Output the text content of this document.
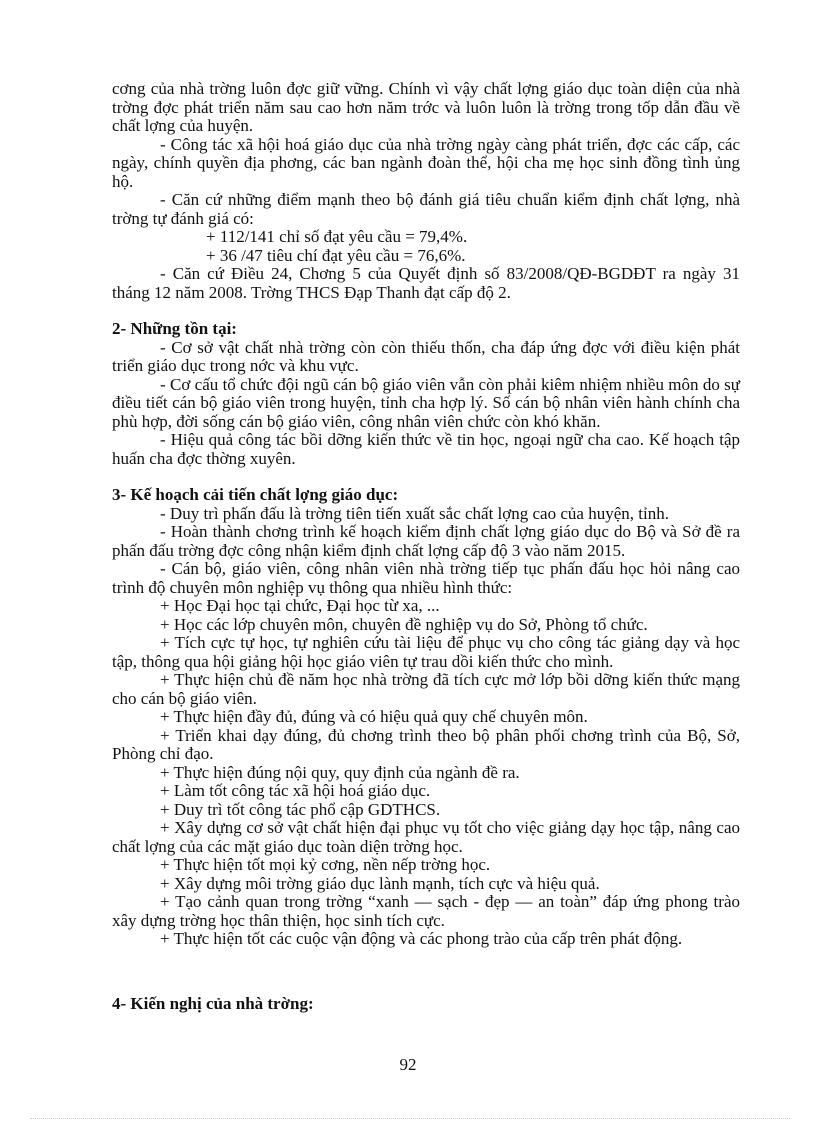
cơng của nhà trờng luôn đợc giữ vững. Chính vì vậy chất lợng giáo dục toàn diện của nhà trờng đợc phát triển năm sau cao hơn năm trớc và luôn luôn là trờng trong tốp dẫn đầu về chất lợng của huyện.

- Công tác xã hội hoá giáo dục của nhà trờng ngày càng phát triển, đợc các cấp, các ngày, chính quyền địa phơng, các ban ngành đoàn thể, hội cha mẹ học sinh đồng tình ủng hộ.

- Căn cứ những điểm mạnh theo bộ đánh giá tiêu chuẩn kiểm định chất lợng, nhà trờng tự đánh giá có:

+ 112/141 chỉ số đạt yêu cầu = 79,4%.

+ 36 /47 tiêu chí đạt yêu cầu = 76,6%.

- Căn cứ Điều 24, Chơng 5 của Quyết định số 83/2008/QĐ-BGDĐT ra ngày 31 tháng 12 năm 2008. Trờng THCS Đạp Thanh đạt cấp độ 2.

2- Những tồn tại:

- Cơ sở vật chất nhà trờng còn còn thiếu thốn, cha đáp ứng đợc với điều kiện phát triển giáo dục trong nớc và khu vực.

- Cơ cấu tổ chức đội ngũ cán bộ giáo viên vẫn còn phải kiêm nhiệm nhiều môn do sự điều tiết cán bộ giáo viên trong huyện, tỉnh cha hợp lý. Số cán bộ nhân viên hành chính cha phù hợp, đời sống cán bộ giáo viên, công nhân viên chức còn khó khăn.

- Hiệu quả công tác bồi dỡng kiến thức về tin học, ngoại ngữ cha cao. Kế hoạch tập huấn cha đợc thờng xuyên.

3- Kế hoạch cải tiến chất lợng giáo dục:

- Duy trì phấn đấu là trờng tiên tiến xuất sắc chất lợng cao của huyện, tỉnh.

- Hoàn thành chơng trình kế hoạch kiểm định chất lợng giáo dục do Bộ và Sở đề ra phấn đấu trờng đợc công nhận kiểm định chất lợng cấp độ 3 vào năm 2015.

- Cán bộ, giáo viên, công nhân viên nhà trờng tiếp tục phấn đấu học hỏi nâng cao trình độ chuyên môn nghiệp vụ thông qua nhiều hình thức:

+ Học Đại học tại chức, Đại học từ xa, ...

+ Học các lớp chuyên môn, chuyên đề nghiệp vụ do Sở, Phòng tổ chức.

+ Tích cực tự học, tự nghiên cứu tài liệu để phục vụ cho công tác giảng dạy và học tập, thông qua hội giảng hội học giáo viên tự trau dồi kiến thức cho mình.

+ Thực hiện chủ đề năm học nhà trờng đã tích cực mở lớp bồi dỡng kiến thức mạng cho cán bộ giáo viên.

+ Thực hiện đầy đủ, đúng và có hiệu quả quy chế chuyên môn.

+ Triển khai dạy đúng, đủ chơng trình theo bộ phân phối chơng trình của Bộ, Sở, Phòng chỉ đạo.

+ Thực hiện đúng nội quy, quy định của ngành đề ra.

+ Làm tốt công tác xã hội hoá giáo dục.

+ Duy trì tốt công tác phổ cập GDTHCS.

+ Xây dựng cơ sở vật chất hiện đại phục vụ tốt cho việc giảng dạy học tập, nâng cao chất lợng của các mặt giáo dục toàn diện trờng học.

+ Thực hiện tốt mọi kỷ cơng, nền nếp trờng học.

+ Xây dựng môi trờng giáo dục lành mạnh, tích cực và hiệu quả.

+ Tạo cảnh quan trong trờng “xanh — sạch - đẹp — an toàn” đáp ứng phong trào xây dựng trờng học thân thiện, học sinh tích cực.

+ Thực hiện tốt các cuộc vận động và các phong trào của cấp trên phát động.

4- Kiến nghị của nhà trờng:

92
